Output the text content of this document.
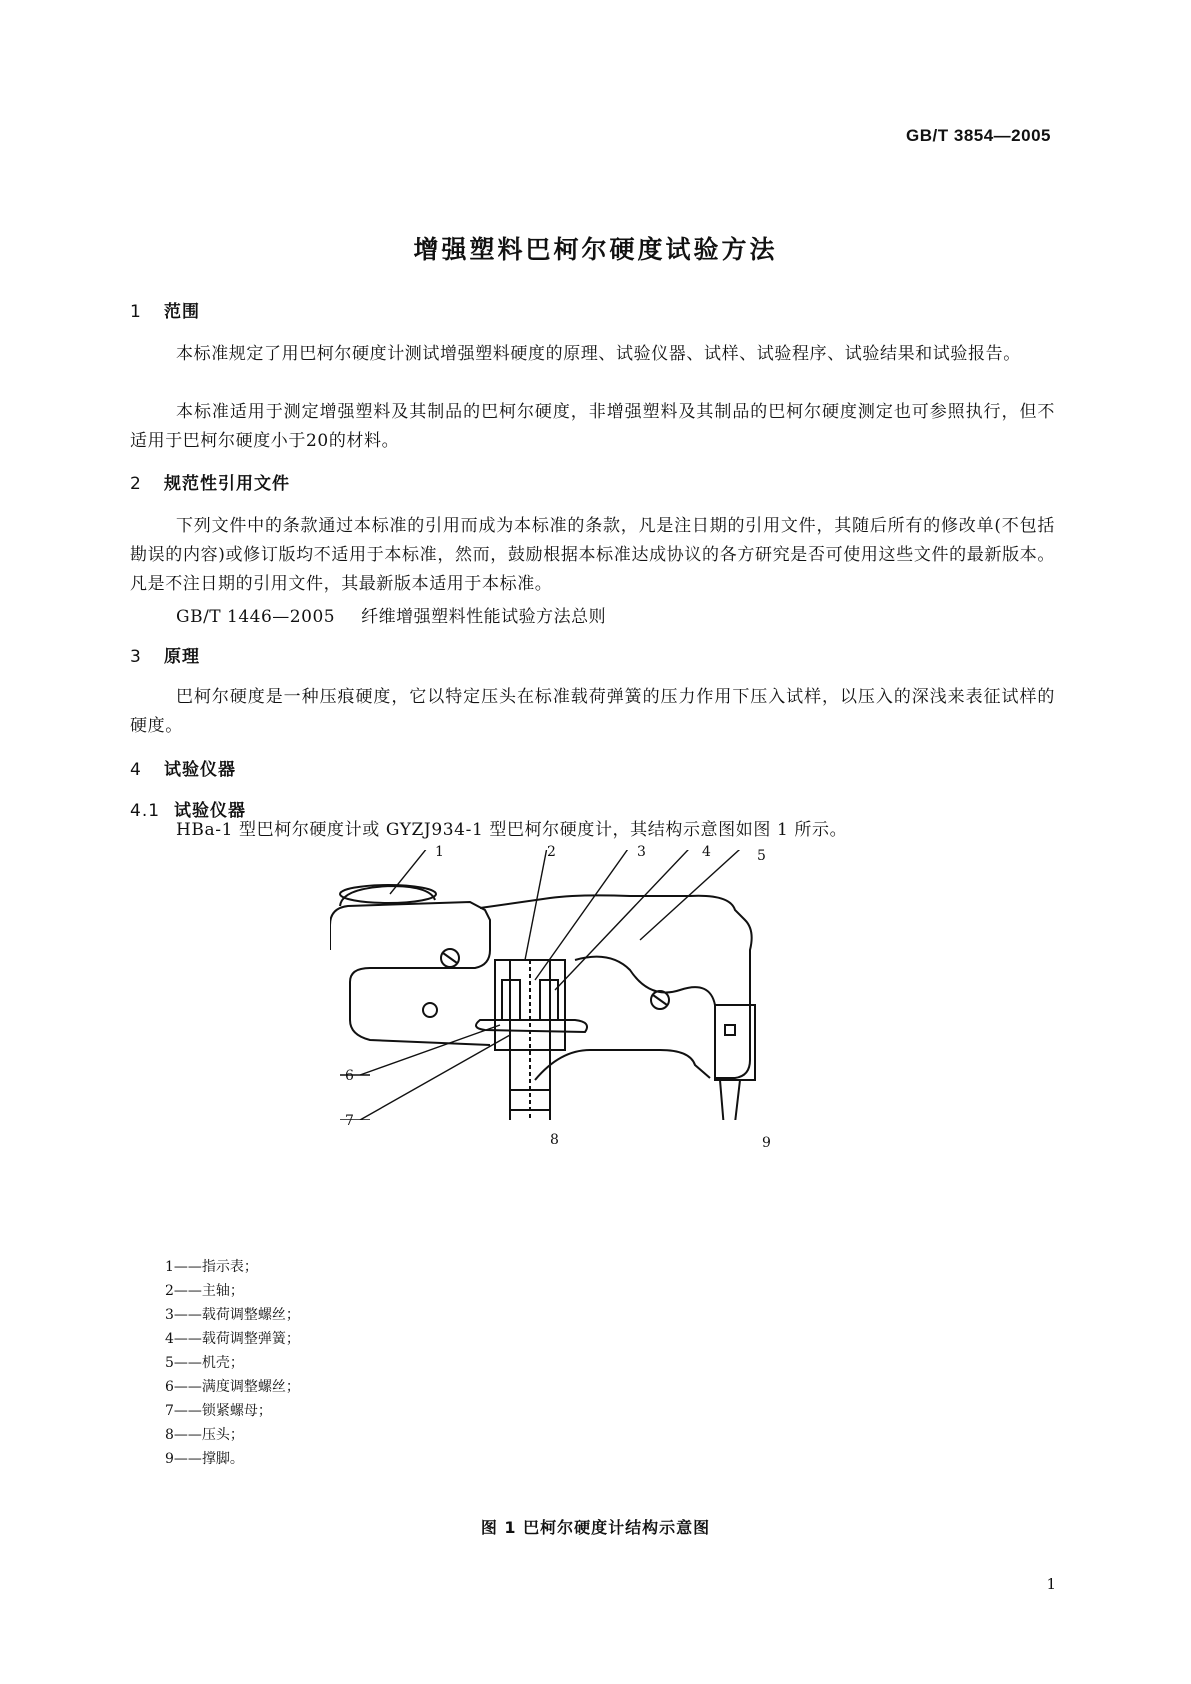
GB/T 3854—2005
增强塑料巴柯尔硬度试验方法
1 范围
本标准规定了用巴柯尔硬度计测试增强塑料硬度的原理、试验仪器、试样、试验程序、试验结果和试验报告。
本标准适用于测定增强塑料及其制品的巴柯尔硬度，非增强塑料及其制品的巴柯尔硬度测定也可参照执行，但不适用于巴柯尔硬度小于20的材料。
2 规范性引用文件
下列文件中的条款通过本标准的引用而成为本标准的条款，凡是注日期的引用文件，其随后所有的修改单(不包括勘误的内容)或修订版均不适用于本标准，然而，鼓励根据本标准达成协议的各方研究是否可使用这些文件的最新版本。凡是不注日期的引用文件，其最新版本适用于本标准。
GB/T 1446—2005 纤维增强塑料性能试验方法总则
3 原理
巴柯尔硬度是一种压痕硬度，它以特定压头在标准载荷弹簧的压力作用下压入试样，以压入的深浅来表征试样的硬度。
4 试验仪器
4.1 试验仪器
HBa-1 型巴柯尔硬度计或 GYZJ934-1 型巴柯尔硬度计，其结构示意图如图 1 所示。
1	2	3	4	5
6
7
8	9
1——指示表；
2——主轴；
3——载荷调整螺丝；
4——载荷调整弹簧；
5——机壳；
6——满度调整螺丝；
7——锁紧螺母；
8——压头；
9——撑脚。
图 1 巴柯尔硬度计结构示意图
1
